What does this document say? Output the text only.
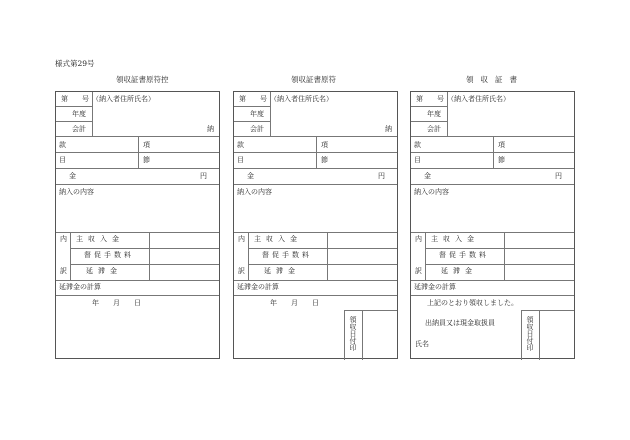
様式第29号
領収証書原符控
第　　号 （納入者住所氏名）
年度
会計	納
款	項
目	節
金	円
納入の内容
内 主収入金
督促手数料
訳	延滞金
延滞金の計算
年　　月　　日
領収証書原符
第　　号 （納入者住所氏名）
年度
会計	納
款	項
目	節
金	円
納入の内容
内 主収入金
督促手数料
訳	延滞金
延滞金の計算
年　　月　　日
領収日付印
領収証書
第　　号 （納入者住所氏名）
年度
会計
款	項
目	節
金	円
納入の内容
内 主収入金
督促手数料
訳	延滞金
延滞金の計算
上記のとおり領収しました。
出納員又は現金取扱員
氏名	領収日付印
